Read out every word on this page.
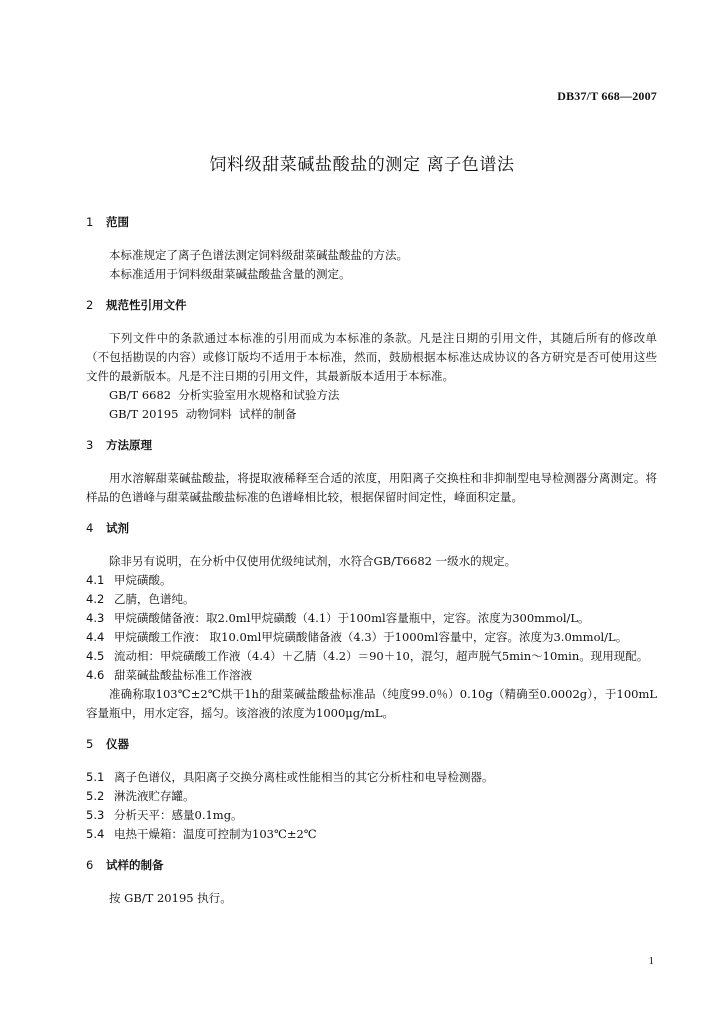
DB37/T 668—2007
饲料级甜菜碱盐酸盐的测定 离子色谱法
1 范围

本标准规定了离子色谱法测定饲料级甜菜碱盐酸盐的方法。

本标准适用于饲料级甜菜碱盐酸盐含量的测定。

2 规范性引用文件

下列文件中的条款通过本标准的引用而成为本标准的条款。凡是注日期的引用文件，其随后所有的修改单（不包括勘误的内容）或修订版均不适用于本标准，然而，鼓励根据本标准达成协议的各方研究是否可使用这些文件的最新版本。凡是不注日期的引用文件，其最新版本适用于本标准。

GB/T 6682  分析实验室用水规格和试验方法

GB/T 20195  动物饲料  试样的制备

3 方法原理

用水溶解甜菜碱盐酸盐，将提取液稀释至合适的浓度，用阳离子交换柱和非抑制型电导检测器分离测定。将样品的色谱峰与甜菜碱盐酸盐标准的色谱峰相比较，根据保留时间定性，峰面积定量。

4 试剂

除非另有说明，在分析中仅使用优级纯试剂，水符合GB/T6682 一级水的规定。

4.1 甲烷磺酸。

4.2 乙腈，色谱纯。

4.3 甲烷磺酸储备液：取2.0ml甲烷磺酸（4.1）于100ml容量瓶中，定容。浓度为300mmol/L。

4.4 甲烷磺酸工作液： 取10.0ml甲烷磺酸储备液（4.3）于1000ml容量中，定容。浓度为3.0mmol/L。

4.5 流动相：甲烷磺酸工作液（4.4）＋乙腈（4.2）＝90＋10，混匀，超声脱气5min～10min。现用现配。

4.6 甜菜碱盐酸盐标准工作溶液

准确称取103℃±2℃烘干1h的甜菜碱盐酸盐标准品（纯度99.0％）0.10g（精确至0.0002g），于100mL容量瓶中，用水定容，摇匀。该溶液的浓度为1000μg/mL。

5 仪器

5.1 离子色谱仪，具阳离子交换分离柱或性能相当的其它分析柱和电导检测器。

5.2 淋洗液贮存罐。

5.3 分析天平：感量0.1mg。

5.4 电热干燥箱：温度可控制为103℃±2℃

6 试样的制备

按 GB/T 20195 执行。

1
